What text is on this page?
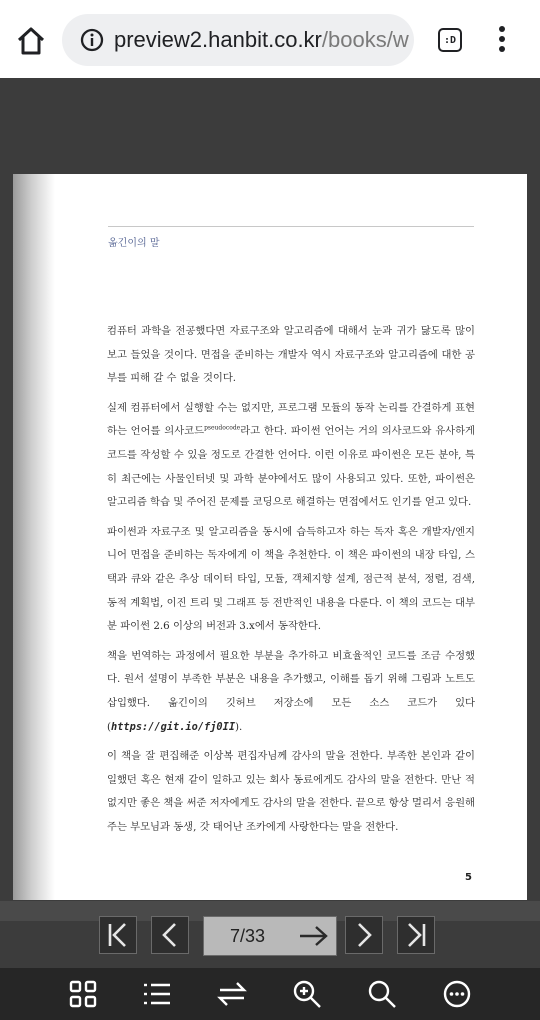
preview2.hanbit.co.kr/books/w	:D
옮긴이의 말

컴퓨터 과학을 전공했다면 자료구조와 알고리즘에 대해서 눈과 귀가 닳도록 많이 보고 들었을 것이다. 면접을 준비하는 개발자 역시 자료구조와 알고리즘에 대한 공부를 피해 갈 수 없을 것이다.

실제 컴퓨터에서 실행할 수는 없지만, 프로그램 모듈의 동작 논리를 간결하게 표현하는 언어를 의사코드$^{pseudocode}$라고 한다. 파이썬 언어는 거의 의사코드와 유사하게 코드를 작성할 수 있을 정도로 간결한 언어다. 이런 이유로 파이썬은 모든 분야, 특히 최근에는 사물인터넷 및 과학 분야에서도 많이 사용되고 있다. 또한, 파이썬은 알고리즘 학습 및 주어진 문제를 코딩으로 해결하는 면접에서도 인기를 얻고 있다.

파이썬과 자료구조 및 알고리즘을 동시에 습득하고자 하는 독자 혹은 개발자/엔지니어 면접을 준비하는 독자에게 이 책을 추천한다. 이 책은 파이썬의 내장 타입, 스택과 큐와 같은 추상 데이터 타입, 모듈, 객체지향 설계, 점근적 분석, 정렬, 검색, 동적 계획법, 이진 트리 및 그래프 등 전반적인 내용을 다룬다. 이 책의 코드는 대부분 파이썬 2.6 이상의 버전과 3.x에서 동작한다.

책을 번역하는 과정에서 필요한 부분을 추가하고 비효율적인 코드를 조금 수정했다. 원서 설명이 부족한 부분은 내용을 추가했고, 이해를 돕기 위해 그림과 노트도 삽입했다. 옮긴이의 깃허브 저장소에 모든 소스 코드가 있다(https://git.io/fj0II).

이 책을 잘 편집해준 이상복 편집자님께 감사의 말을 전한다. 부족한 본인과 같이 일했던 혹은 현재 같이 일하고 있는 회사 동료에게도 감사의 말을 전한다. 만난 적 없지만 좋은 책을 써준 저자에게도 감사의 말을 전한다. 끝으로 항상 멀리서 응원해주는 부모님과 동생, 갓 태어난 조카에게 사랑한다는 말을 전한다.

5
7/33
